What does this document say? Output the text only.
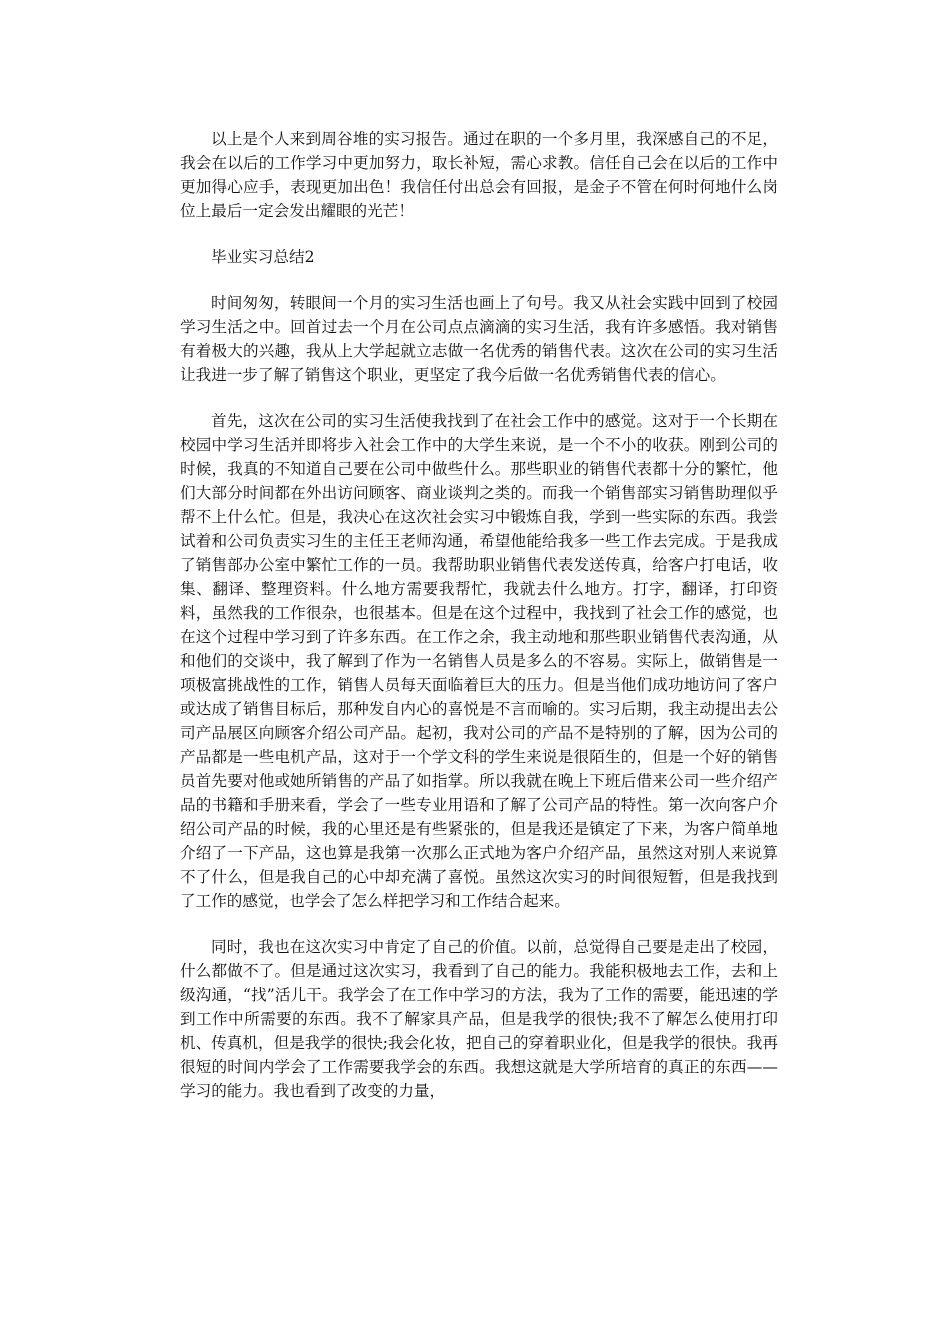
以上是个人来到周谷堆的实习报告。通过在职的一个多月里，我深感自己的不足，我会在以后的工作学习中更加努力，取长补短，需心求教。信任自己会在以后的工作中更加得心应手，表现更加出色！我信任付出总会有回报，是金子不管在何时何地什么岗位上最后一定会发出耀眼的光芒！

毕业实习总结2

时间匆匆，转眼间一个月的实习生活也画上了句号。我又从社会实践中回到了校园学习生活之中。回首过去一个月在公司点点滴滴的实习生活，我有许多感悟。我对销售有着极大的兴趣，我从上大学起就立志做一名优秀的销售代表。这次在公司的实习生活让我进一步了解了销售这个职业，更坚定了我今后做一名优秀销售代表的信心。

首先，这次在公司的实习生活使我找到了在社会工作中的感觉。这对于一个长期在校园中学习生活并即将步入社会工作中的大学生来说，是一个不小的收获。刚到公司的时候，我真的不知道自己要在公司中做些什么。那些职业的销售代表都十分的繁忙，他们大部分时间都在外出访问顾客、商业谈判之类的。而我一个销售部实习销售助理似乎帮不上什么忙。但是，我决心在这次社会实习中锻炼自我，学到一些实际的东西。我尝试着和公司负责实习生的主任王老师沟通，希望他能给我多一些工作去完成。于是我成了销售部办公室中繁忙工作的一员。我帮助职业销售代表发送传真，给客户打电话，收集、翻译、整理资料。什么地方需要我帮忙，我就去什么地方。打字，翻译，打印资料，虽然我的工作很杂，也很基本。但是在这个过程中，我找到了社会工作的感觉，也在这个过程中学习到了许多东西。在工作之余，我主动地和那些职业销售代表沟通，从和他们的交谈中，我了解到了作为一名销售人员是多么的不容易。实际上，做销售是一项极富挑战性的工作，销售人员每天面临着巨大的压力。但是当他们成功地访问了客户或达成了销售目标后，那种发自内心的喜悦是不言而喻的。实习后期，我主动提出去公司产品展区向顾客介绍公司产品。起初，我对公司的产品不是特别的了解，因为公司的产品都是一些电机产品，这对于一个学文科的学生来说是很陌生的，但是一个好的销售员首先要对他或她所销售的产品了如指掌。所以我就在晚上下班后借来公司一些介绍产品的书籍和手册来看，学会了一些专业用语和了解了公司产品的特性。第一次向客户介绍公司产品的时候，我的心里还是有些紧张的，但是我还是镇定了下来，为客户简单地介绍了一下产品，这也算是我第一次那么正式地为客户介绍产品，虽然这对别人来说算不了什么，但是我自己的心中却充满了喜悦。虽然这次实习的时间很短暂，但是我找到了工作的感觉，也学会了怎么样把学习和工作结合起来。

同时，我也在这次实习中肯定了自己的价值。以前，总觉得自己要是走出了校园，什么都做不了。但是通过这次实习，我看到了自己的能力。我能积极地去工作，去和上级沟通，“找”活儿干。我学会了在工作中学习的方法，我为了工作的需要，能迅速的学到工作中所需要的东西。我不了解家具产品，但是我学的很快;我不了解怎么使用打印机、传真机，但是我学的很快;我会化妆，把自己的穿着职业化，但是我学的很快。我再很短的时间内学会了工作需要我学会的东西。我想这就是大学所培育的真正的东西——学习的能力。我也看到了改变的力量，
